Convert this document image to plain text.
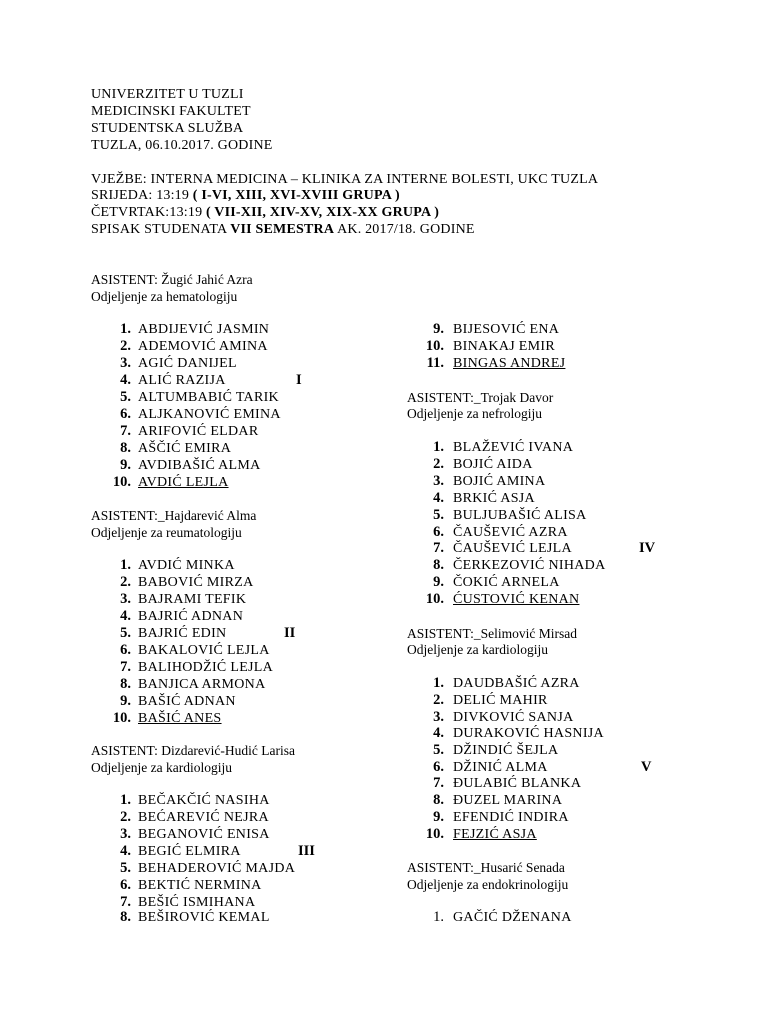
UNIVERZITET U TUZLI
MEDICINSKI FAKULTET
STUDENTSKA SLUŽBA
TUZLA, 06.10.2017. GODINE
VJEŽBE: INTERNA MEDICINA – KLINIKA ZA INTERNE BOLESTI, UKC TUZLA
SRIJEDA: 13:19 ( I-VI, XIII, XVI-XVIII GRUPA )
ČETVRTAK:13:19 ( VII-XII, XIV-XV, XIX-XX GRUPA )
SPISAK STUDENATA VII SEMESTRA AK. 2017/18. GODINE
ASISTENT: Žugić Jahić Azra
Odjeljenje za hematologiju
I
1. ABDIJEVIĆ JASMIN
2. ADEMOVIĆ AMINA
3. AGIĆ DANIJEL
4. ALIĆ RAZIJA
5. ALTUMBABIĆ TARIK
6. ALJKANOVIĆ EMINA
7. ARIFOVIĆ ELDAR
8. AŠČIĆ EMIRA
9. AVDIBAŠIĆ ALMA
10. AVDIĆ LEJLA
ASISTENT:_Hajdarević Alma
Odjeljenje za reumatologiju
II
1. AVDIĆ MINKA
2. BABOVIĆ MIRZA
3. BAJRAMI TEFIK
4. BAJRIĆ ADNAN
5. BAJRIĆ EDIN
6. BAKALOVIĆ LEJLA
7. BALIHODŽIĆ LEJLA
8. BANJICA ARMONA
9. BAŠIĆ ADNAN
10. BAŠIĆ ANES
ASISTENT: Dizdarević-Hudić Larisa
Odjeljenje za kardiologiju
III
1. BEČAKČIĆ NASIHA
2. BEĆAREVIĆ NEJRA
3. BEGANOVIĆ ENISA
4. BEGIĆ ELMIRA
5. BEHADEROVIĆ MAJDA
6. BEKTIĆ NERMINA
7. BEŠIĆ ISMIHANA
8. BEŠIROVIĆ KEMAL
9. BIJESOVIĆ ENA
10. BINAKAJ EMIR
11. BINGAS ANDREJ
ASISTENT:_Trojak Davor
Odjeljenje za nefrologiju
IV
1. BLAŽEVIĆ IVANA
2. BOJIĆ AIDA
3. BOJIĆ AMINA
4. BRKIĆ ASJA
5. BULJUBAŠIĆ ALISA
6. ČAUŠEVIĆ AZRA
7. ČAUŠEVIĆ LEJLA
8. ČERKEZOVIĆ NIHADA
9. ČOKIĆ ARNELA
10. ĆUSTOVIĆ KENAN
ASISTENT:_Selimović Mirsad
Odjeljenje za kardiologiju
V
1. DAUDBAŠIĆ AZRA
2. DELIĆ MAHIR
3. DIVKOVIĆ SANJA
4. DURAKOVIĆ HASNIJA
5. DŽINDIĆ ŠEJLA
6. DŽINIĆ ALMA
7. ĐULABIĆ BLANKA
8. ĐUZEL MARINA
9. EFENDIĆ INDIRA
10. FEJZIĆ ASJA
ASISTENT:_Husarić Senada
Odjeljenje za endokrinologiju
1. GAČIĆ DŽENANA
